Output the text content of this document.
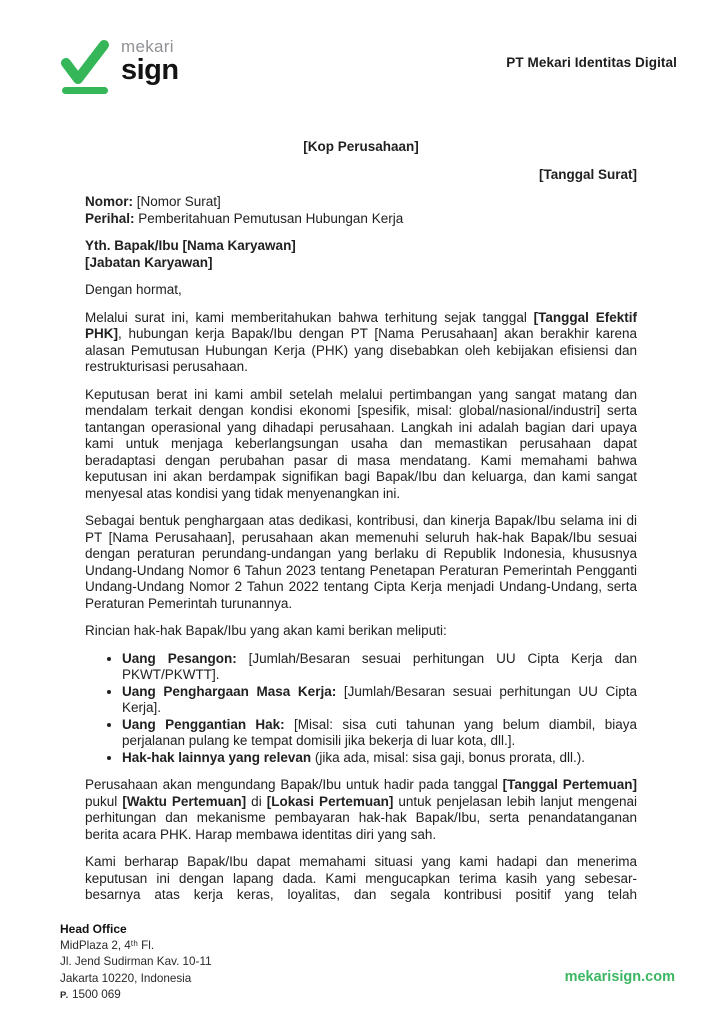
mekari
sign	PT Mekari Identitas Digital
[Kop Perusahaan]
[Tanggal Surat]
Nomor: [Nomor Surat]
Perihal: Pemberitahuan Pemutusan Hubungan Kerja
Yth. Bapak/Ibu [Nama Karyawan]
[Jabatan Karyawan]

Dengan hormat,

Melalui surat ini, kami memberitahukan bahwa terhitung sejak tanggal [Tanggal Efektif PHK], hubungan kerja Bapak/Ibu dengan PT [Nama Perusahaan] akan berakhir karena alasan Pemutusan Hubungan Kerja (PHK) yang disebabkan oleh kebijakan efisiensi dan restrukturisasi perusahaan.

Keputusan berat ini kami ambil setelah melalui pertimbangan yang sangat matang dan mendalam terkait dengan kondisi ekonomi [spesifik, misal: global/nasional/industri] serta tantangan operasional yang dihadapi perusahaan. Langkah ini adalah bagian dari upaya kami untuk menjaga keberlangsungan usaha dan memastikan perusahaan dapat beradaptasi dengan perubahan pasar di masa mendatang. Kami memahami bahwa keputusan ini akan berdampak signifikan bagi Bapak/Ibu dan keluarga, dan kami sangat menyesal atas kondisi yang tidak menyenangkan ini.

Sebagai bentuk penghargaan atas dedikasi, kontribusi, dan kinerja Bapak/Ibu selama ini di PT [Nama Perusahaan], perusahaan akan memenuhi seluruh hak-hak Bapak/Ibu sesuai dengan peraturan perundang-undangan yang berlaku di Republik Indonesia, khususnya Undang-Undang Nomor 6 Tahun 2023 tentang Penetapan Peraturan Pemerintah Pengganti Undang-Undang Nomor 2 Tahun 2022 tentang Cipta Kerja menjadi Undang-Undang, serta Peraturan Pemerintah turunannya.

Rincian hak-hak Bapak/Ibu yang akan kami berikan meliputi:

• Uang Pesangon: [Jumlah/Besaran sesuai perhitungan UU Cipta Kerja dan PKWT/PKWTT].
• Uang Penghargaan Masa Kerja: [Jumlah/Besaran sesuai perhitungan UU Cipta Kerja].
• Uang Penggantian Hak: [Misal: sisa cuti tahunan yang belum diambil, biaya perjalanan pulang ke tempat domisili jika bekerja di luar kota, dll.].
• Hak-hak lainnya yang relevan (jika ada, misal: sisa gaji, bonus prorata, dll.).

Perusahaan akan mengundang Bapak/Ibu untuk hadir pada tanggal [Tanggal Pertemuan] pukul [Waktu Pertemuan] di [Lokasi Pertemuan] untuk penjelasan lebih lanjut mengenai perhitungan dan mekanisme pembayaran hak-hak Bapak/Ibu, serta penandatanganan berita acara PHK. Harap membawa identitas diri yang sah.

Kami berharap Bapak/Ibu dapat memahami situasi yang kami hadapi dan menerima keputusan ini dengan lapang dada. Kami mengucapkan terima kasih yang sebesar-besarnya atas kerja keras, loyalitas, dan segala kontribusi positif yang telah

Head Office
MidPlaza 2, 4ᵗʰ Fl.
Jl. Jend Sudirman Kav. 10-11
Jakarta 10220, Indonesia
P. 1500 069
mekarisign.com
